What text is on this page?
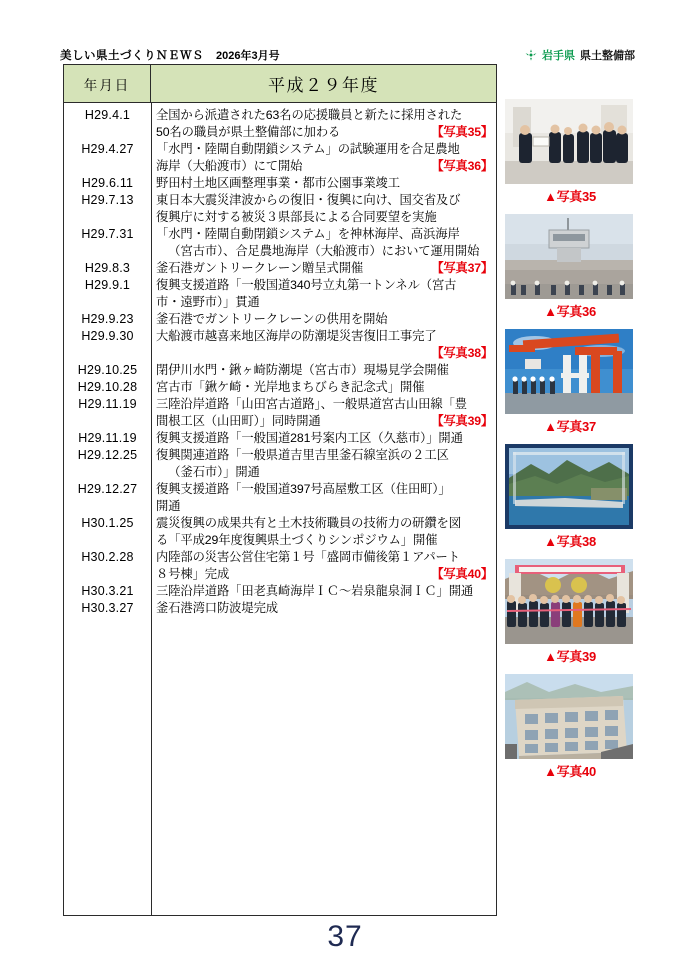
美しい県土づくりＮＥＷＳ 2026年3月号	岩手県 県土整備部
年月日	平成２９年度
H29.4.1	全国から派遣された63名の応援職員と新たに採用された
50名の職員が県土整備部に加わる	【写真35】
H29.4.27	「水門・陸閘自動閉鎖システム」の試験運用を合足農地
海岸（大船渡市）にて開始	【写真36】
H29.6.11	野田村土地区画整理事業・都市公園事業竣工
H29.7.13	東日本大震災津波からの復旧・復興に向け、国交省及び
復興庁に対する被災３県部長による合同要望を実施
H29.7.31	「水門・陸閘自動閉鎖システム」を神林海岸、高浜海岸
（宮古市）、合足農地海岸（大船渡市）において運用開始
H29.8.3	釜石港ガントリークレーン贈呈式開催	【写真37】
H29.9.1	復興支援道路「一般国道340号立丸第一トンネル（宮古
市・遠野市）」貫通
H29.9.23	釜石港でガントリークレーンの供用を開始
H29.9.30	大船渡市越喜来地区海岸の防潮堤災害復旧工事完了
【写真38】
H29.10.25	閉伊川水門・鍬ヶ崎防潮堤（宮古市）現場見学会開催
H29.10.28	宮古市「鍬ケ崎・光岸地まちびらき記念式」開催
H29.11.19	三陸沿岸道路「山田宮古道路」、一般県道宮古山田線「豊
間根工区（山田町）」同時開通	【写真39】
H29.11.19	復興支援道路「一般国道281号案内工区（久慈市）」開通
H29.12.25	復興関連道路「一般県道吉里吉里釜石線室浜の２工区
（釜石市）」開通
H29.12.27	復興支援道路「一般国道397号高屋敷工区（住田町）」
開通
H30.1.25	震災復興の成果共有と土木技術職員の技術力の研鑽を図
る「平成29年度復興県土づくりシンポジウム」開催
H30.2.28	内陸部の災害公営住宅第１号「盛岡市備後第１アパート
８号棟」完成	【写真40】
H30.3.21	三陸沿岸道路「田老真崎海岸ＩＣ～岩泉龍泉洞ＩＣ」開通
H30.3.27	釜石港湾口防波堤完成
▲写真35
▲写真36
▲写真37
▲写真38
▲写真39
▲写真40
37
